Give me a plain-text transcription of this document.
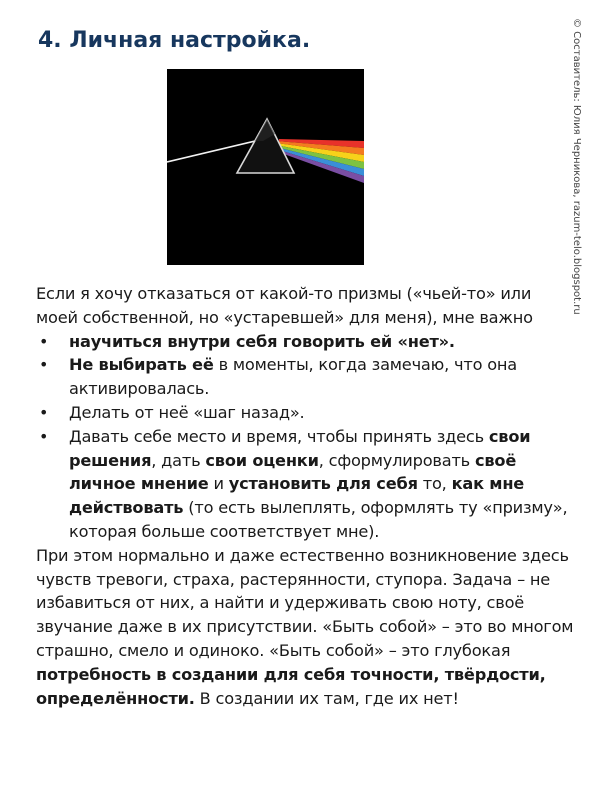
4. Личная настройка.	© Составитель: Юлия Черникова, razum-telo.blogspot.ru

Если я хочу отказаться от какой-то призмы («чьей-то» или моей собственной, но «устаревшей» для меня), мне важно

• научиться внутри себя говорить ей «нет».
• Не выбирать её в моменты, когда замечаю, что она активировалась.
• Делать от неё «шаг назад».
• Давать себе место и время, чтобы принять здесь свои решения, дать свои оценки, сформулировать своё личное мнение и установить для себя то, как мне действовать (то есть вылеплять, оформлять ту «призму», которая больше соответствует мне).

При этом нормально и даже естественно возникновение здесь чувств тревоги, страха, растерянности, ступора. Задача – не избавиться от них, а найти и удерживать свою ноту, своё звучание даже в их присутствии. «Быть собой» – это во многом страшно, смело и одиноко. «Быть собой» – это глубокая потребность в создании для себя точности, твёрдости, определённости. В создании их там, где их нет!
